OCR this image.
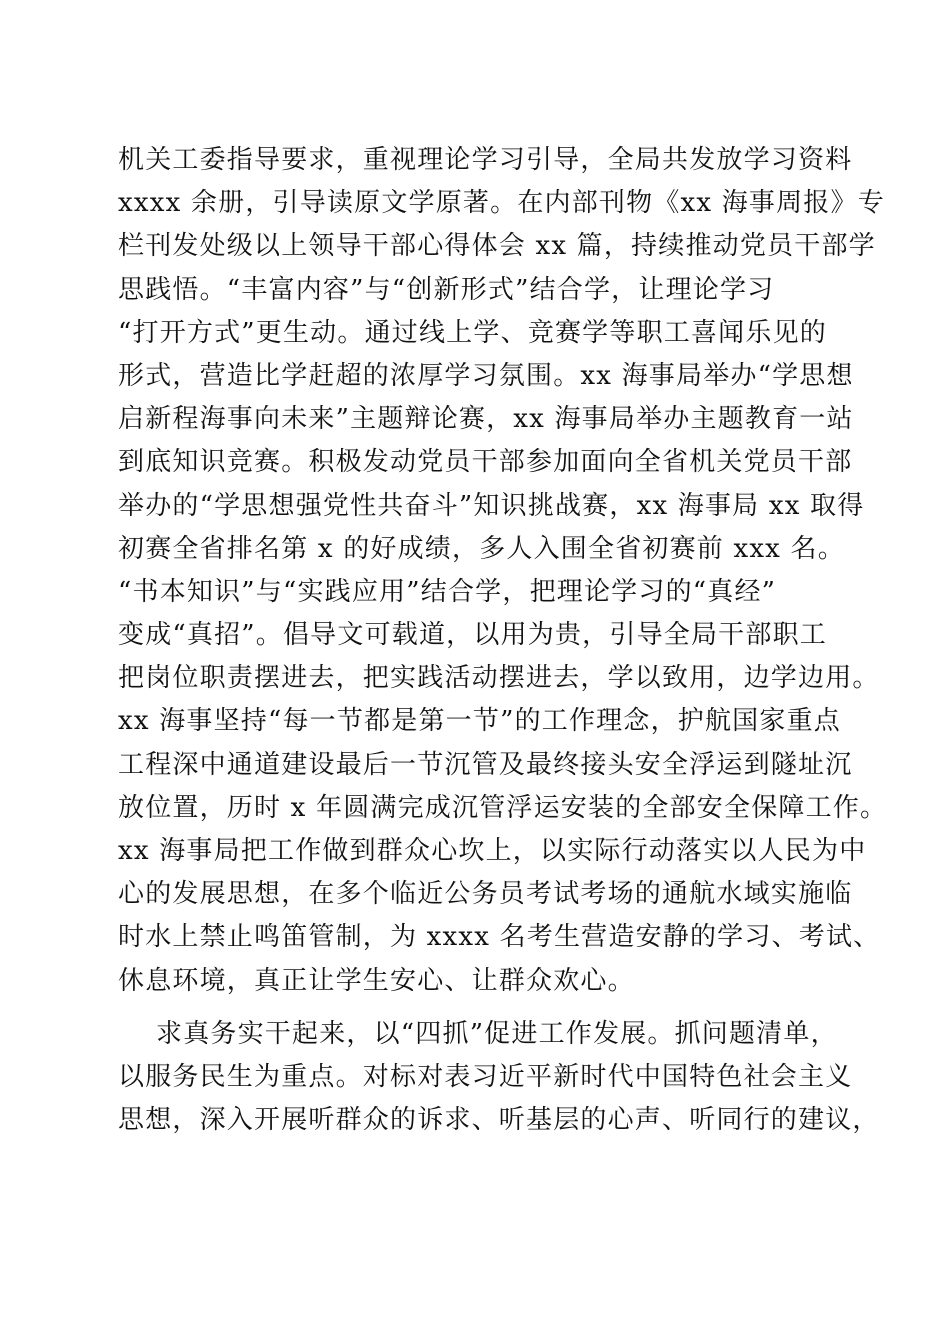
机关工委指导要求，重视理论学习引导，全局共发放学习资料
xxxx 余册，引导读原文学原著。在内部刊物《xx 海事周报》专
栏刊发处级以上领导干部心得体会 xx 篇，持续推动党员干部学
思践悟。“丰富内容”与“创新形式”结合学，让理论学习
“打开方式”更生动。通过线上学、竞赛学等职工喜闻乐见的
形式，营造比学赶超的浓厚学习氛围。xx 海事局举办“学思想
启新程海事向未来”主题辩论赛，xx 海事局举办主题教育一站
到底知识竞赛。积极发动党员干部参加面向全省机关党员干部
举办的“学思想强党性共奋斗”知识挑战赛，xx 海事局 xx 取得
初赛全省排名第 x 的好成绩，多人入围全省初赛前 xxx 名。
“书本知识”与“实践应用”结合学，把理论学习的“真经”
变成“真招”。倡导文可载道，以用为贵，引导全局干部职工
把岗位职责摆进去，把实践活动摆进去，学以致用，边学边用。
xx 海事坚持“每一节都是第一节”的工作理念，护航国家重点
工程深中通道建设最后一节沉管及最终接头安全浮运到隧址沉
放位置，历时 x 年圆满完成沉管浮运安装的全部安全保障工作。
xx 海事局把工作做到群众心坎上，以实际行动落实以人民为中
心的发展思想，在多个临近公务员考试考场的通航水域实施临
时水上禁止鸣笛管制，为 xxxx 名考生营造安静的学习、考试、
休息环境，真正让学生安心、让群众欢心。
求真务实干起来，以“四抓”促进工作发展。抓问题清单，
以服务民生为重点。对标对表习近平新时代中国特色社会主义
思想，深入开展听群众的诉求、听基层的心声、听同行的建议，
